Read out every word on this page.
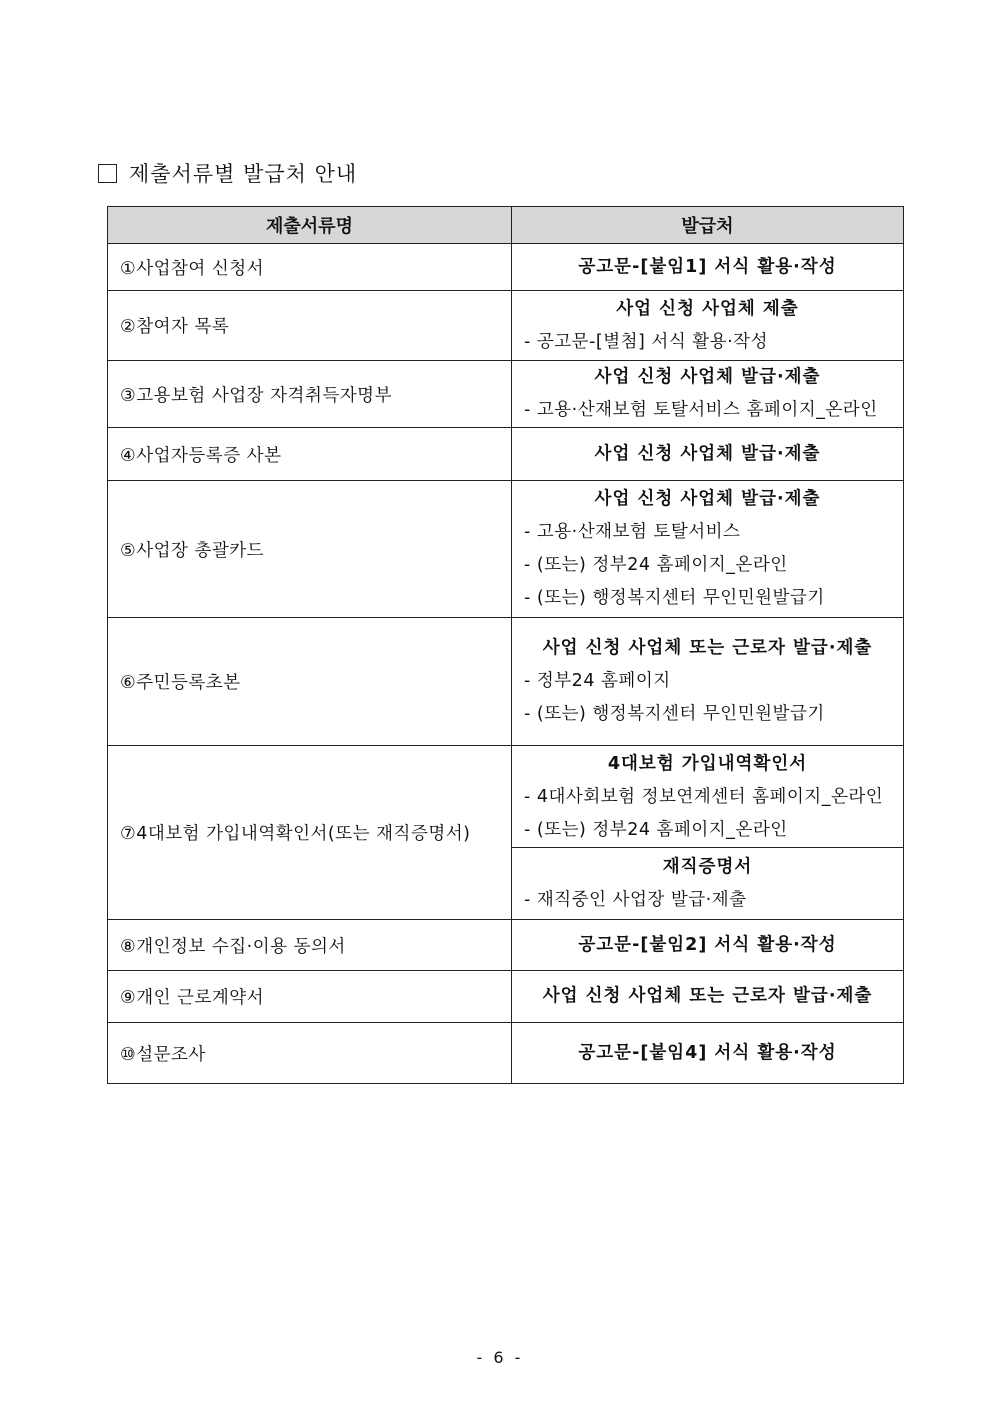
제출서류별 발급처 안내
제출서류명	발급처
①사업참여 신청서	공고문-[붙임1] 서식 활용·작성

②참여자 목록	사업 신청 사업체 제출
- 공고문-[별첨] 서식 활용·작성

③고용보험 사업장 자격취득자명부	사업 신청 사업체 발급·제출
- 고용·산재보험 토탈서비스 홈페이지_온라인

④사업자등록증 사본	사업 신청 사업체 발급·제출

⑤사업장 총괄카드	사업 신청 사업체 발급·제출
- 고용·산재보험 토탈서비스
- (또는) 정부24 홈페이지_온라인
- (또는) 행정복지센터 무인민원발급기

⑥주민등록초본	사업 신청 사업체 또는 근로자 발급·제출
- 정부24 홈페이지
- (또는) 행정복지센터 무인민원발급기

⑦4대보험 가입내역확인서(또는 재직증명서)	4대보험 가입내역확인서
- 4대사회보험 정보연계센터 홈페이지_온라인
- (또는) 정부24 홈페이지_온라인
재직증명서
- 재직중인 사업장 발급·제출

⑧개인정보 수집·이용 동의서	공고문-[붙임2] 서식 활용·작성

⑨개인 근로계약서	사업 신청 사업체 또는 근로자 발급·제출

⑩설문조사	공고문-[붙임4] 서식 활용·작성
- 6 -
